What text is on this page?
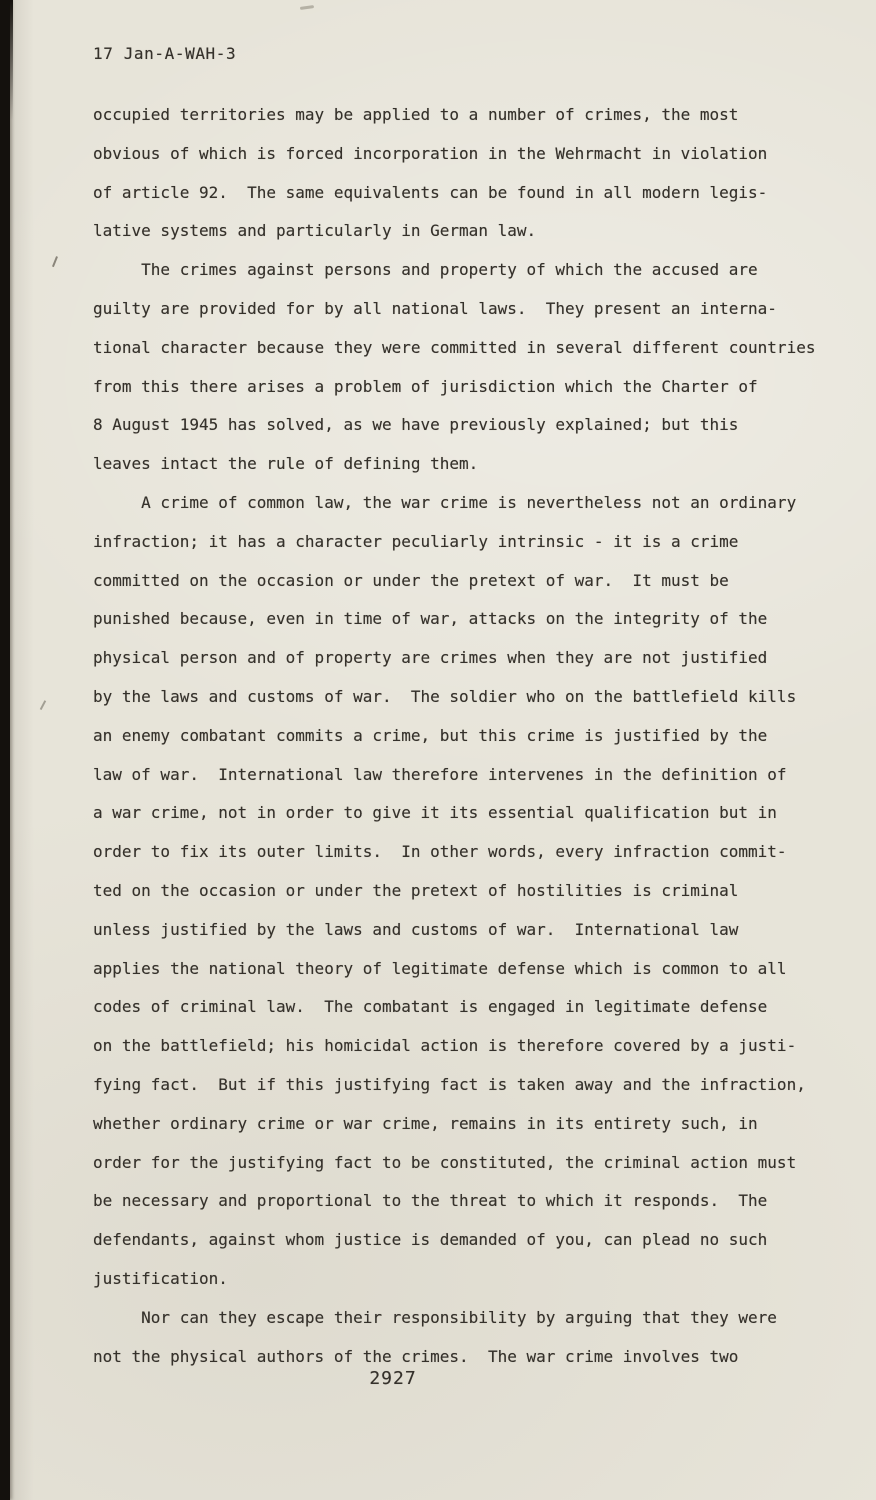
17 Jan-A-WAH-3
occupied territories may be applied to a number of crimes, the most
obvious of which is forced incorporation in the Wehrmacht in violation
of article 92.  The same equivalents can be found in all modern legis-
lative systems and particularly in German law.
The crimes against persons and property of which the accused are
guilty are provided for by all national laws.  They present an interna-
tional character because they were committed in several different countries
from this there arises a problem of jurisdiction which the Charter of
8 August 1945 has solved, as we have previously explained; but this
leaves intact the rule of defining them.
A crime of common law, the war crime is nevertheless not an ordinary
infraction; it has a character peculiarly intrinsic - it is a crime
committed on the occasion or under the pretext of war.  It must be
punished because, even in time of war, attacks on the integrity of the
physical person and of property are crimes when they are not justified
by the laws and customs of war.  The soldier who on the battlefield kills
an enemy combatant commits a crime, but this crime is justified by the
law of war.  International law therefore intervenes in the definition of
a war crime, not in order to give it its essential qualification but in
order to fix its outer limits.  In other words, every infraction commit-
ted on the occasion or under the pretext of hostilities is criminal
unless justified by the laws and customs of war.  International law
applies the national theory of legitimate defense which is common to all
codes of criminal law.  The combatant is engaged in legitimate defense
on the battlefield; his homicidal action is therefore covered by a justi-
fying fact.  But if this justifying fact is taken away and the infraction,
whether ordinary crime or war crime, remains in its entirety such, in
order for the justifying fact to be constituted, the criminal action must
be necessary and proportional to the threat to which it responds.  The
defendants, against whom justice is demanded of you, can plead no such
justification.
Nor can they escape their responsibility by arguing that they were
not the physical authors of the crimes.  The war crime involves two
2927
